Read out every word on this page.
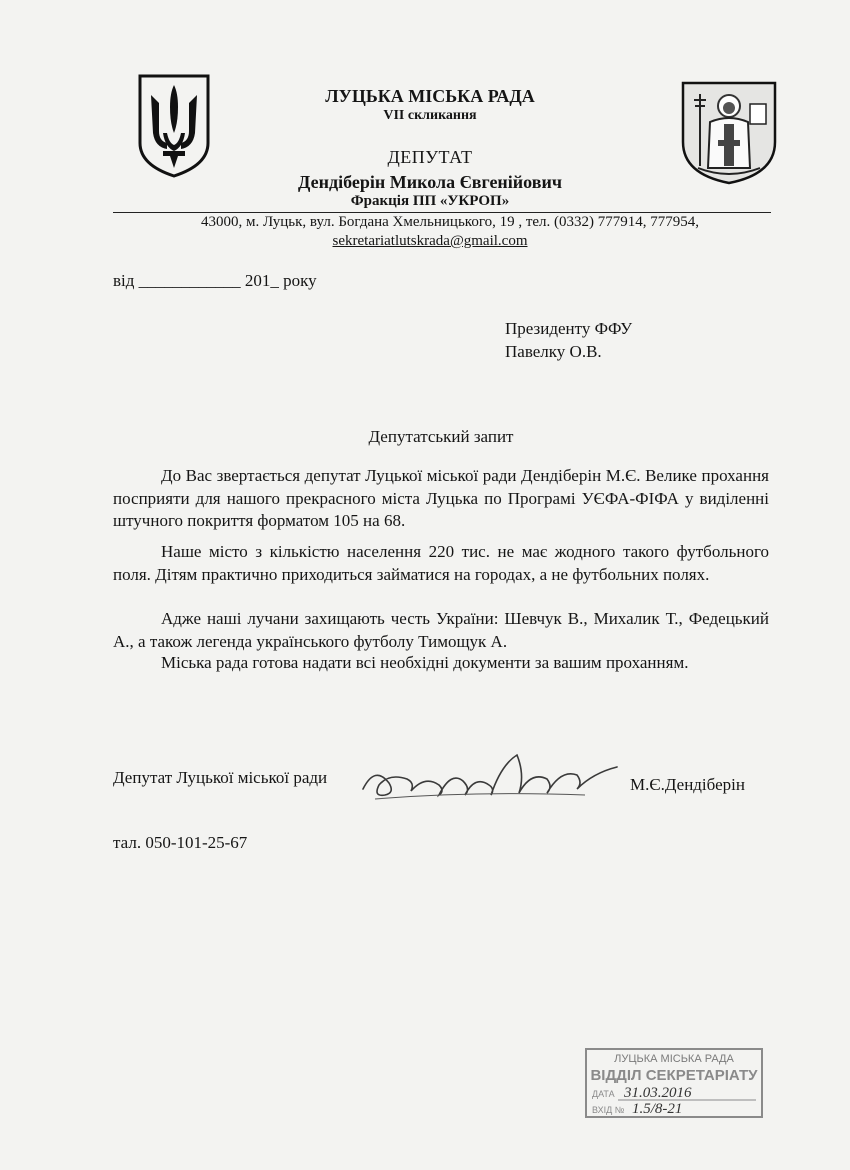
ЛУЦЬКА МІСЬКА РАДА
VII скликання
ДЕПУТАТ
Дендіберін Микола Євгенійович
Фракція ПП «УКРОП»
43000, м. Луцьк, вул. Богдана Хмельницького, 19 , тел. (0332) 777914, 777954,
sekretariatlutskrada@gmail.com
від ____________ 201_ року
Президенту ФФУ
Павелку О.В.
Депутатський запит
До Вас звертається депутат Луцької міської ради Дендіберін М.Є. Велике прохання посприяти для нашого прекрасного міста Луцька по Програмі УЄФА-ФІФА у виділенні штучного покриття форматом 105 на 68.
Наше місто з кількістю населення 220 тис. не має жодного такого футбольного поля. Дітям практично приходиться займатися на городах, а не футбольних полях.
Адже наші лучани захищають честь України: Шевчук В., Михалик Т., Федецький А., а також легенда українського футболу Тимощук А.
Міська рада готова надати всі необхідні документи за вашим проханням.
Депутат Луцької міської ради	М.Є.Дендіберін
тал. 050-101-25-67
ЛУЦЬКА МІСЬКА РАДА
ВІДДІЛ СЕКРЕТАРІАТУ
ДАТА 31.03.2016
ВХІД № 1.5/8-21
